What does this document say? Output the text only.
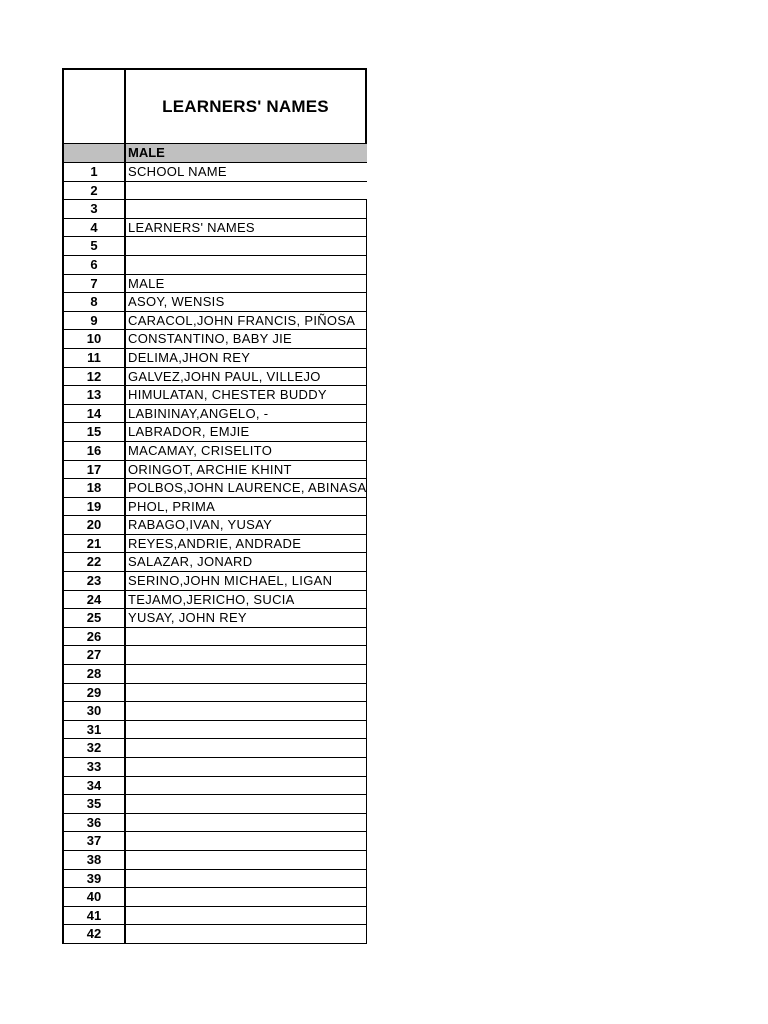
LEARNERS' NAMES
MALE
1	SCHOOL NAME
2
3
4	LEARNERS' NAMES
5
6
7	MALE
8	ASOY, WENSIS
9	CARACOL,JOHN FRANCIS, PIÑOSA
10	CONSTANTINO, BABY JIE
11	DELIMA,JHON REY
12	GALVEZ,JOHN PAUL, VILLEJO
13	HIMULATAN, CHESTER BUDDY
14	LABININAY,ANGELO, -
15	LABRADOR, EMJIE
16	MACAMAY, CRISELITO
17	ORINGOT, ARCHIE KHINT
18	POLBOS,JOHN LAURENCE, ABINASA
19	PHOL, PRIMA
20	RABAGO,IVAN, YUSAY
21	REYES,ANDRIE, ANDRADE
22	SALAZAR, JONARD
23	SERINO,JOHN MICHAEL, LIGAN
24	TEJAMO,JERICHO, SUCIA
25	YUSAY, JOHN REY
26
27
28
29
30
31
32
33
34
35
36
37
38
39
40
41
42
